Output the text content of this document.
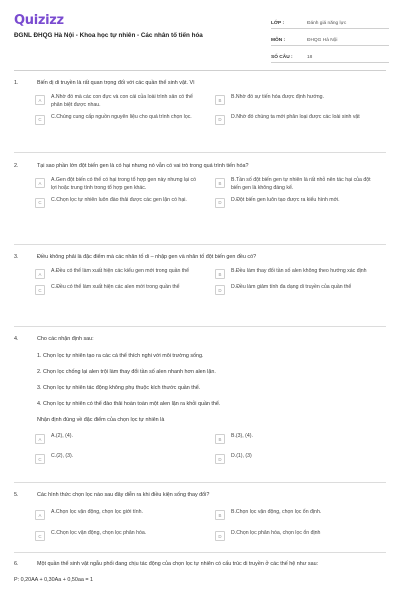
Quizizz
ĐGNL ĐHQG Hà Nội - Khoa học tự nhiên - Các nhân tố tiến hóa
LỚP :	Đánh giá năng lực
MÔN :	ĐHQG Hà Nội
SỐ CÂU :	18
1.	Biến dị di truyền là rất quan trọng đối với các quần thể sinh vật. Vì
A	A.Nhờ đó mà các con đực và con cái của loài trình sản có thể phân biệt được nhau.
B	B.Nhờ đó sự tiến hóa được định hướng.
C	C.Chúng cung cấp nguồn nguyên liệu cho quá trình chọn lọc.	D	D.Nhờ đó chúng ta mới phân loại được các loài sinh vật
2.	Tại sao phần lớn đột biến gen là có hại nhưng nó vẫn có vai trò trong quá trình tiến hóa?
A	A.Gen đột biến có thể có hại trong tổ hợp gen này nhưng lại có lợi hoặc trung tính trong tổ hợp gen khác.
B	B.Tần số đột biến gen tự nhiên là rất nhỏ nên tác hại của đột biến gen là không đáng kể.
C	C.Chọn lọc tự nhiên luôn đào thải được các gen lặn có hại.	D	D.Đột biến gen luôn tạo được ra kiểu hình mới.
3.	Điều không phải là đặc điểm mà các nhân tố di – nhập gen và nhân tố đột biến gen đều có?
A	A.Đều có thể làm xuất hiện các kiểu gen mới trong quần thể	B	B.Đều làm thay đổi tần số alen không theo hướng xác định
C	C.Đều có thể làm xuất hiện các alen mới trong quần thể	D	D.Đều làm giảm tính đa dạng di truyền của quần thể
4.	Cho các nhận định sau:
1. Chọn lọc tự nhiên tạo ra các cá thể thích nghi với môi trường sống.
2. Chọn lọc chống lại alen trội làm thay đổi tần số alen nhanh hơn alen lặn.
3. Chọn lọc tự nhiên tác động không phụ thuộc kích thước quần thể.
4. Chọn lọc tự nhiên có thể đào thải hoàn toàn một alen lặn ra khỏi quần thể.
Nhận định đúng về đặc điểm của chọn lọc tự nhiên là
A	A.(2), (4).	B	B.(3), (4).
C	C.(2), (3).	D	D.(1), (3)
5.	Các hình thức chọn lọc nào sau đây diễn ra khi điều kiện sống thay đổi?
A	A.Chọn lọc vận động, chọn lọc giới tính.	B	B.Chọn lọc vận động, chọn lọc ổn định.
C	C.Chọn lọc vận động, chọn lọc phân hóa.	D	D.Chọn lọc phân hóa, chọn lọc ổn định
6.	Một quần thể sinh vật ngẫu phối đang chịu tác động của chọn lọc tự nhiên có cấu trúc di truyền ở các thế hệ như sau:
P: 0,20AA + 0,30Aa + 0,50aa = 1
